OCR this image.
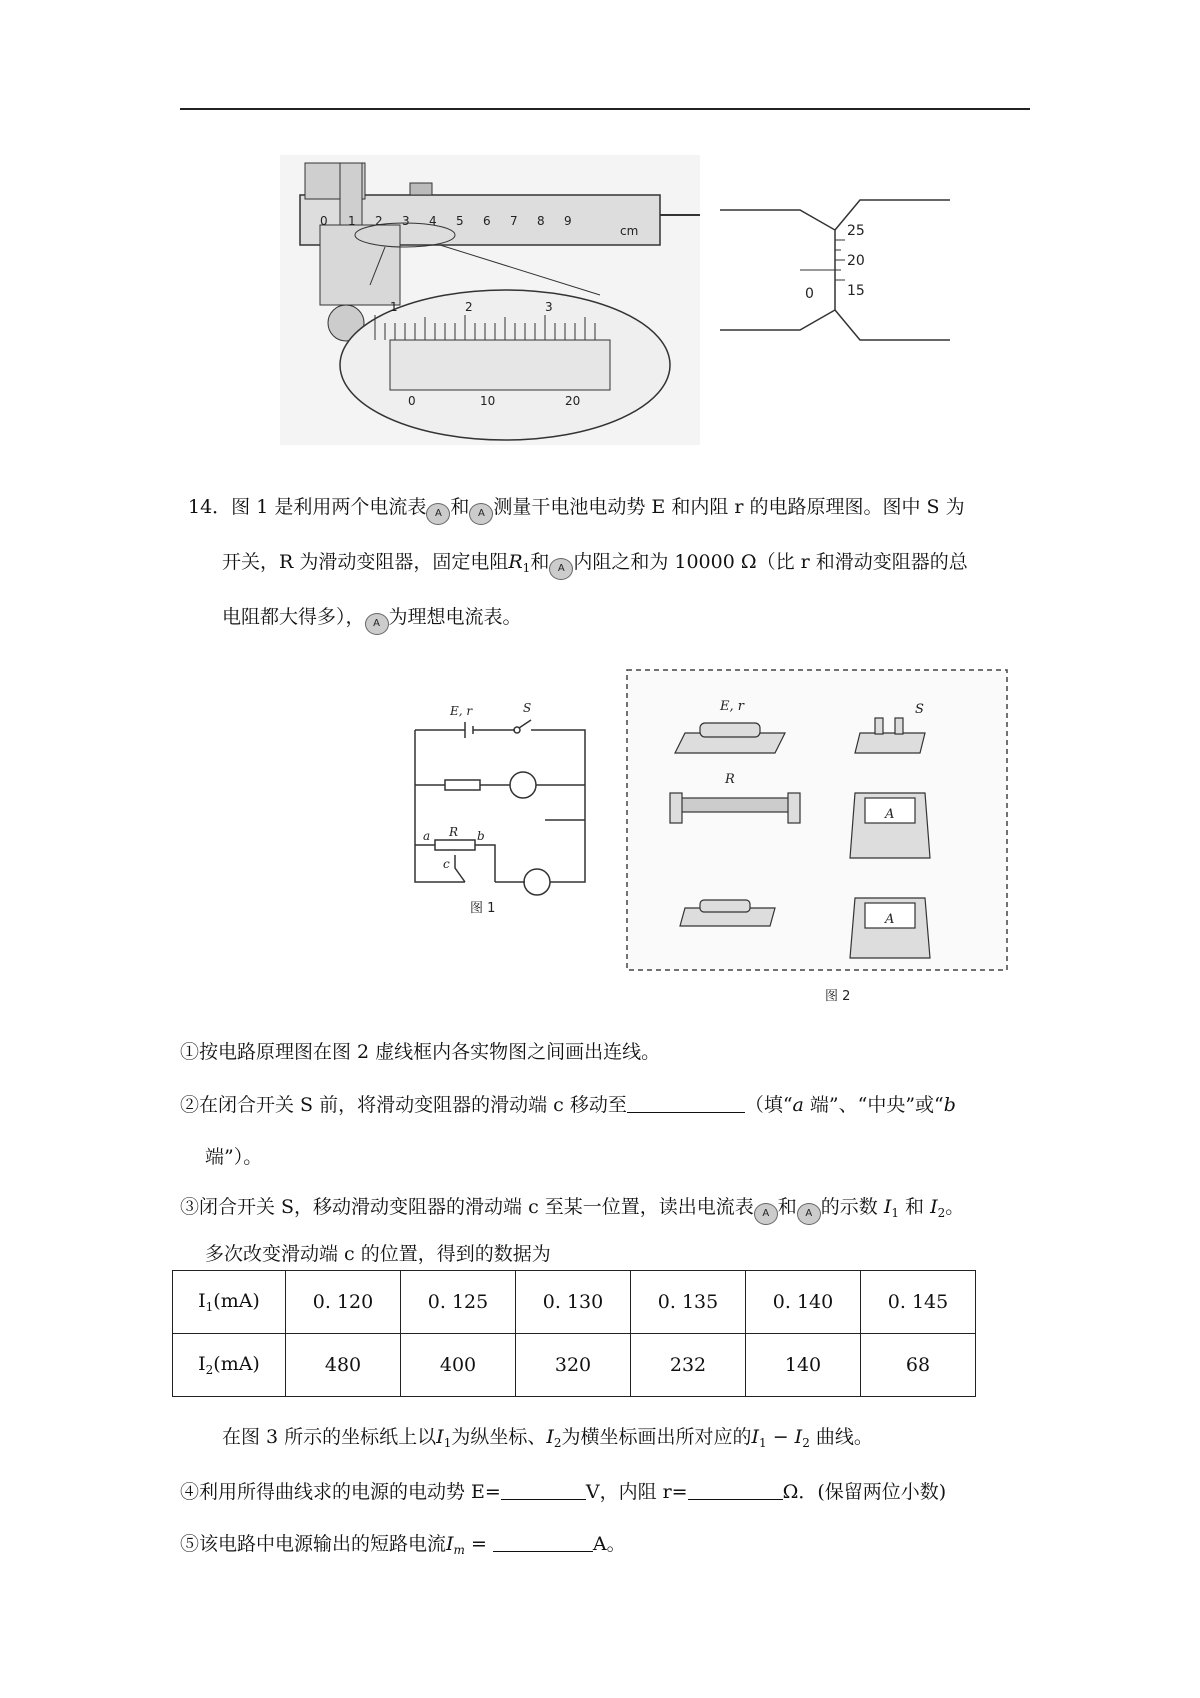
0 1 2 3 4 5 6 7 8 9
cm
1	2	3
0	10	20
25
20
15
0
14．图 1 是利用两个电流表 A 和 A 测量干电池电动势 E 和内阻 r 的电路原理图。图中 S 为
开关，R 为滑动变阻器，固定电阻$R_1$和 A 内阻之和为 10000 Ω（比 r 和滑动变阻器的总
电阻都大得多）， A 为理想电流表。
E, r	S
R
a	b
c
图 1
E, r	S
R
A
A
图 2
①按电路原理图在图 2 虚线框内各实物图之间画出连线。
②在闭合开关 S 前，将滑动变阻器的滑动端 c 移动至	（填“a 端”、“中央”或“b
端”）。
③闭合开关 S，移动滑动变阻器的滑动端 c 至某一位置，读出电流表 A 和 A 的示数 $I_1$ 和 $I_2$。
多次改变滑动端 c 的位置，得到的数据为
$I_1(mA)$	0. 120	0. 125	0. 130	0. 135	0. 140	0. 145
$I_2(mA)$	480	400	320	232	140	68
在图 3 所示的坐标纸上以$I_1$为纵坐标、$I_2$为横坐标画出所对应的$I_1 - I_2$ 曲线。
④利用所得曲线求的电源的电动势 E=	V，内阻 r=	Ω．(保留两位小数)
⑤该电路中电源输出的短路电流$I_m$ =	A。
